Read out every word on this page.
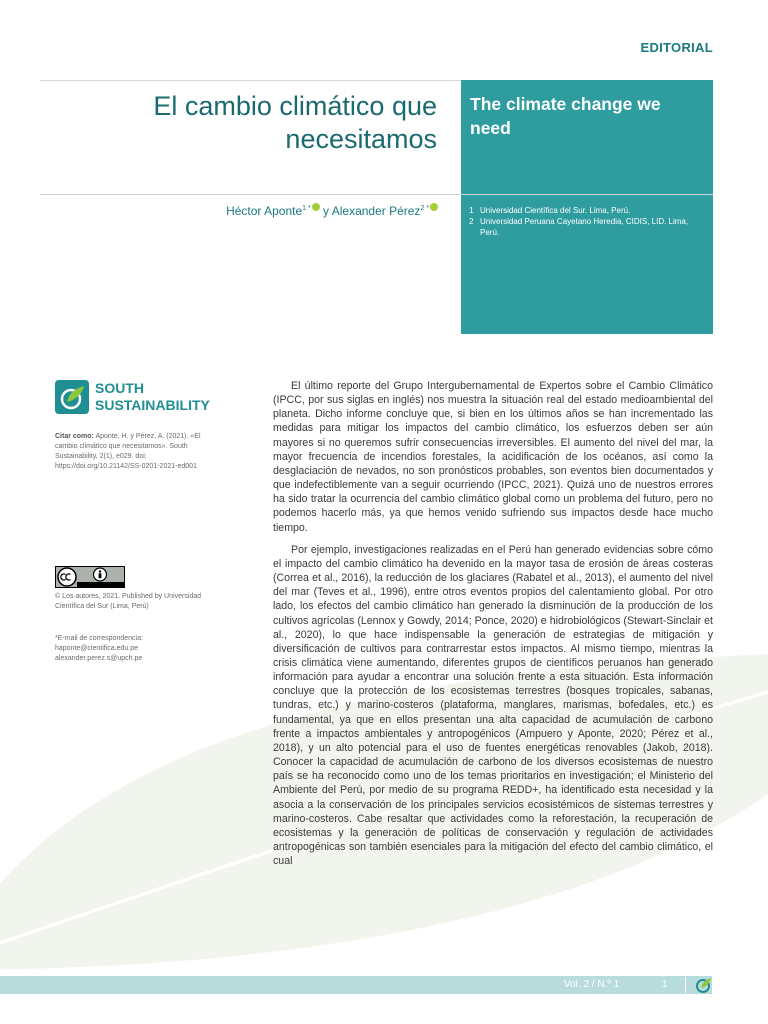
EDITORIAL
El cambio climático que necesitamos
The climate change we need
Héctor Aponte$^{1 *}$ y Alexander Pérez$^{2 *}$	1 Universidad Científica del Sur. Lima, Perú.
2 Universidad Peruana Cayetano Heredia, CIDIS, LID. Lima, Perú.
SOUTH
SUSTAINABILITY
Citar como: Aponte, H. y Pérez, A. (2021). «El cambio climático que necesitamos». South Sustainability, 2(1), e029. doi: https://doi.org/10.21142/SS-0201-2021-ed001
© Los autores, 2021. Published by Universidad Científica del Sur (Lima, Perú)
*E-mail de correspondencia:
haponte@cientifica.edu.pe
alexander.perez.s@upch.pe

El último reporte del Grupo Intergubernamental de Expertos sobre el Cambio Climático (IPCC, por sus siglas en inglés) nos muestra la situación real del estado medioambiental del planeta. Dicho informe concluye que, si bien en los últimos años se han incrementado las medidas para mitigar los impactos del cambio climático, los esfuerzos deben ser aún mayores si no queremos sufrir consecuencias irreversibles. El aumento del nivel del mar, la mayor frecuencia de incendios forestales, la acidificación de los océanos, así como la desglaciación de nevados, no son pronósticos probables, son eventos bien documentados y que indefectiblemente van a seguir ocurriendo (IPCC, 2021). Quizá uno de nuestros errores ha sido tratar la ocurrencia del cambio climático global como un problema del futuro, pero no podemos hacerlo más, ya que hemos venido sufriendo sus impactos desde hace mucho tiempo.

Por ejemplo, investigaciones realizadas en el Perú han generado evidencias sobre cómo el impacto del cambio climático ha devenido en la mayor tasa de erosión de áreas costeras (Correa et al., 2016), la reducción de los glaciares (Rabatel et al., 2013), el aumento del nivel del mar (Teves et al., 1996), entre otros eventos propios del calentamiento global. Por otro lado, los efectos del cambio climático han generado la disminución de la producción de los cultivos agrícolas (Lennox y Gowdy, 2014; Ponce, 2020) e hidrobiológicos (Stewart-Sinclair et al., 2020), lo que hace indispensable la generación de estrategias de mitigación y diversificación de cultivos para contrarrestar estos impactos. Al mismo tiempo, mientras la crisis climática viene aumentando, diferentes grupos de científicos peruanos han generado información para ayudar a encontrar una solución frente a esta situación. Esta información concluye que la protección de los ecosistemas terrestres (bosques tropicales, sabanas, tundras, etc.) y marino-costeros (plataforma, manglares, marismas, bofedales, etc.) es fundamental, ya que en ellos presentan una alta capacidad de acumulación de carbono frente a impactos ambientales y antropogénicos (Ampuero y Aponte, 2020; Pérez et al., 2018), y un alto potencial para el uso de fuentes energéticas renovables (Jakob, 2018). Conocer la capacidad de acumulación de carbono de los diversos ecosistemas de nuestro país se ha reconocido como uno de los temas prioritarios en investigación; el Ministerio del Ambiente del Perú, por medio de su programa REDD+, ha identificado esta necesidad y la asocia a la conservación de los principales servicios ecosistémicos de sistemas terrestres y marino-costeros. Cabe resaltar que actividades como la reforestación, la recuperación de ecosistemas y la generación de políticas de conservación y regulación de actividades antropogénicas son también esenciales para la mitigación del efecto del cambio climático, el cual

Vol. 2 / N.º 1	1
